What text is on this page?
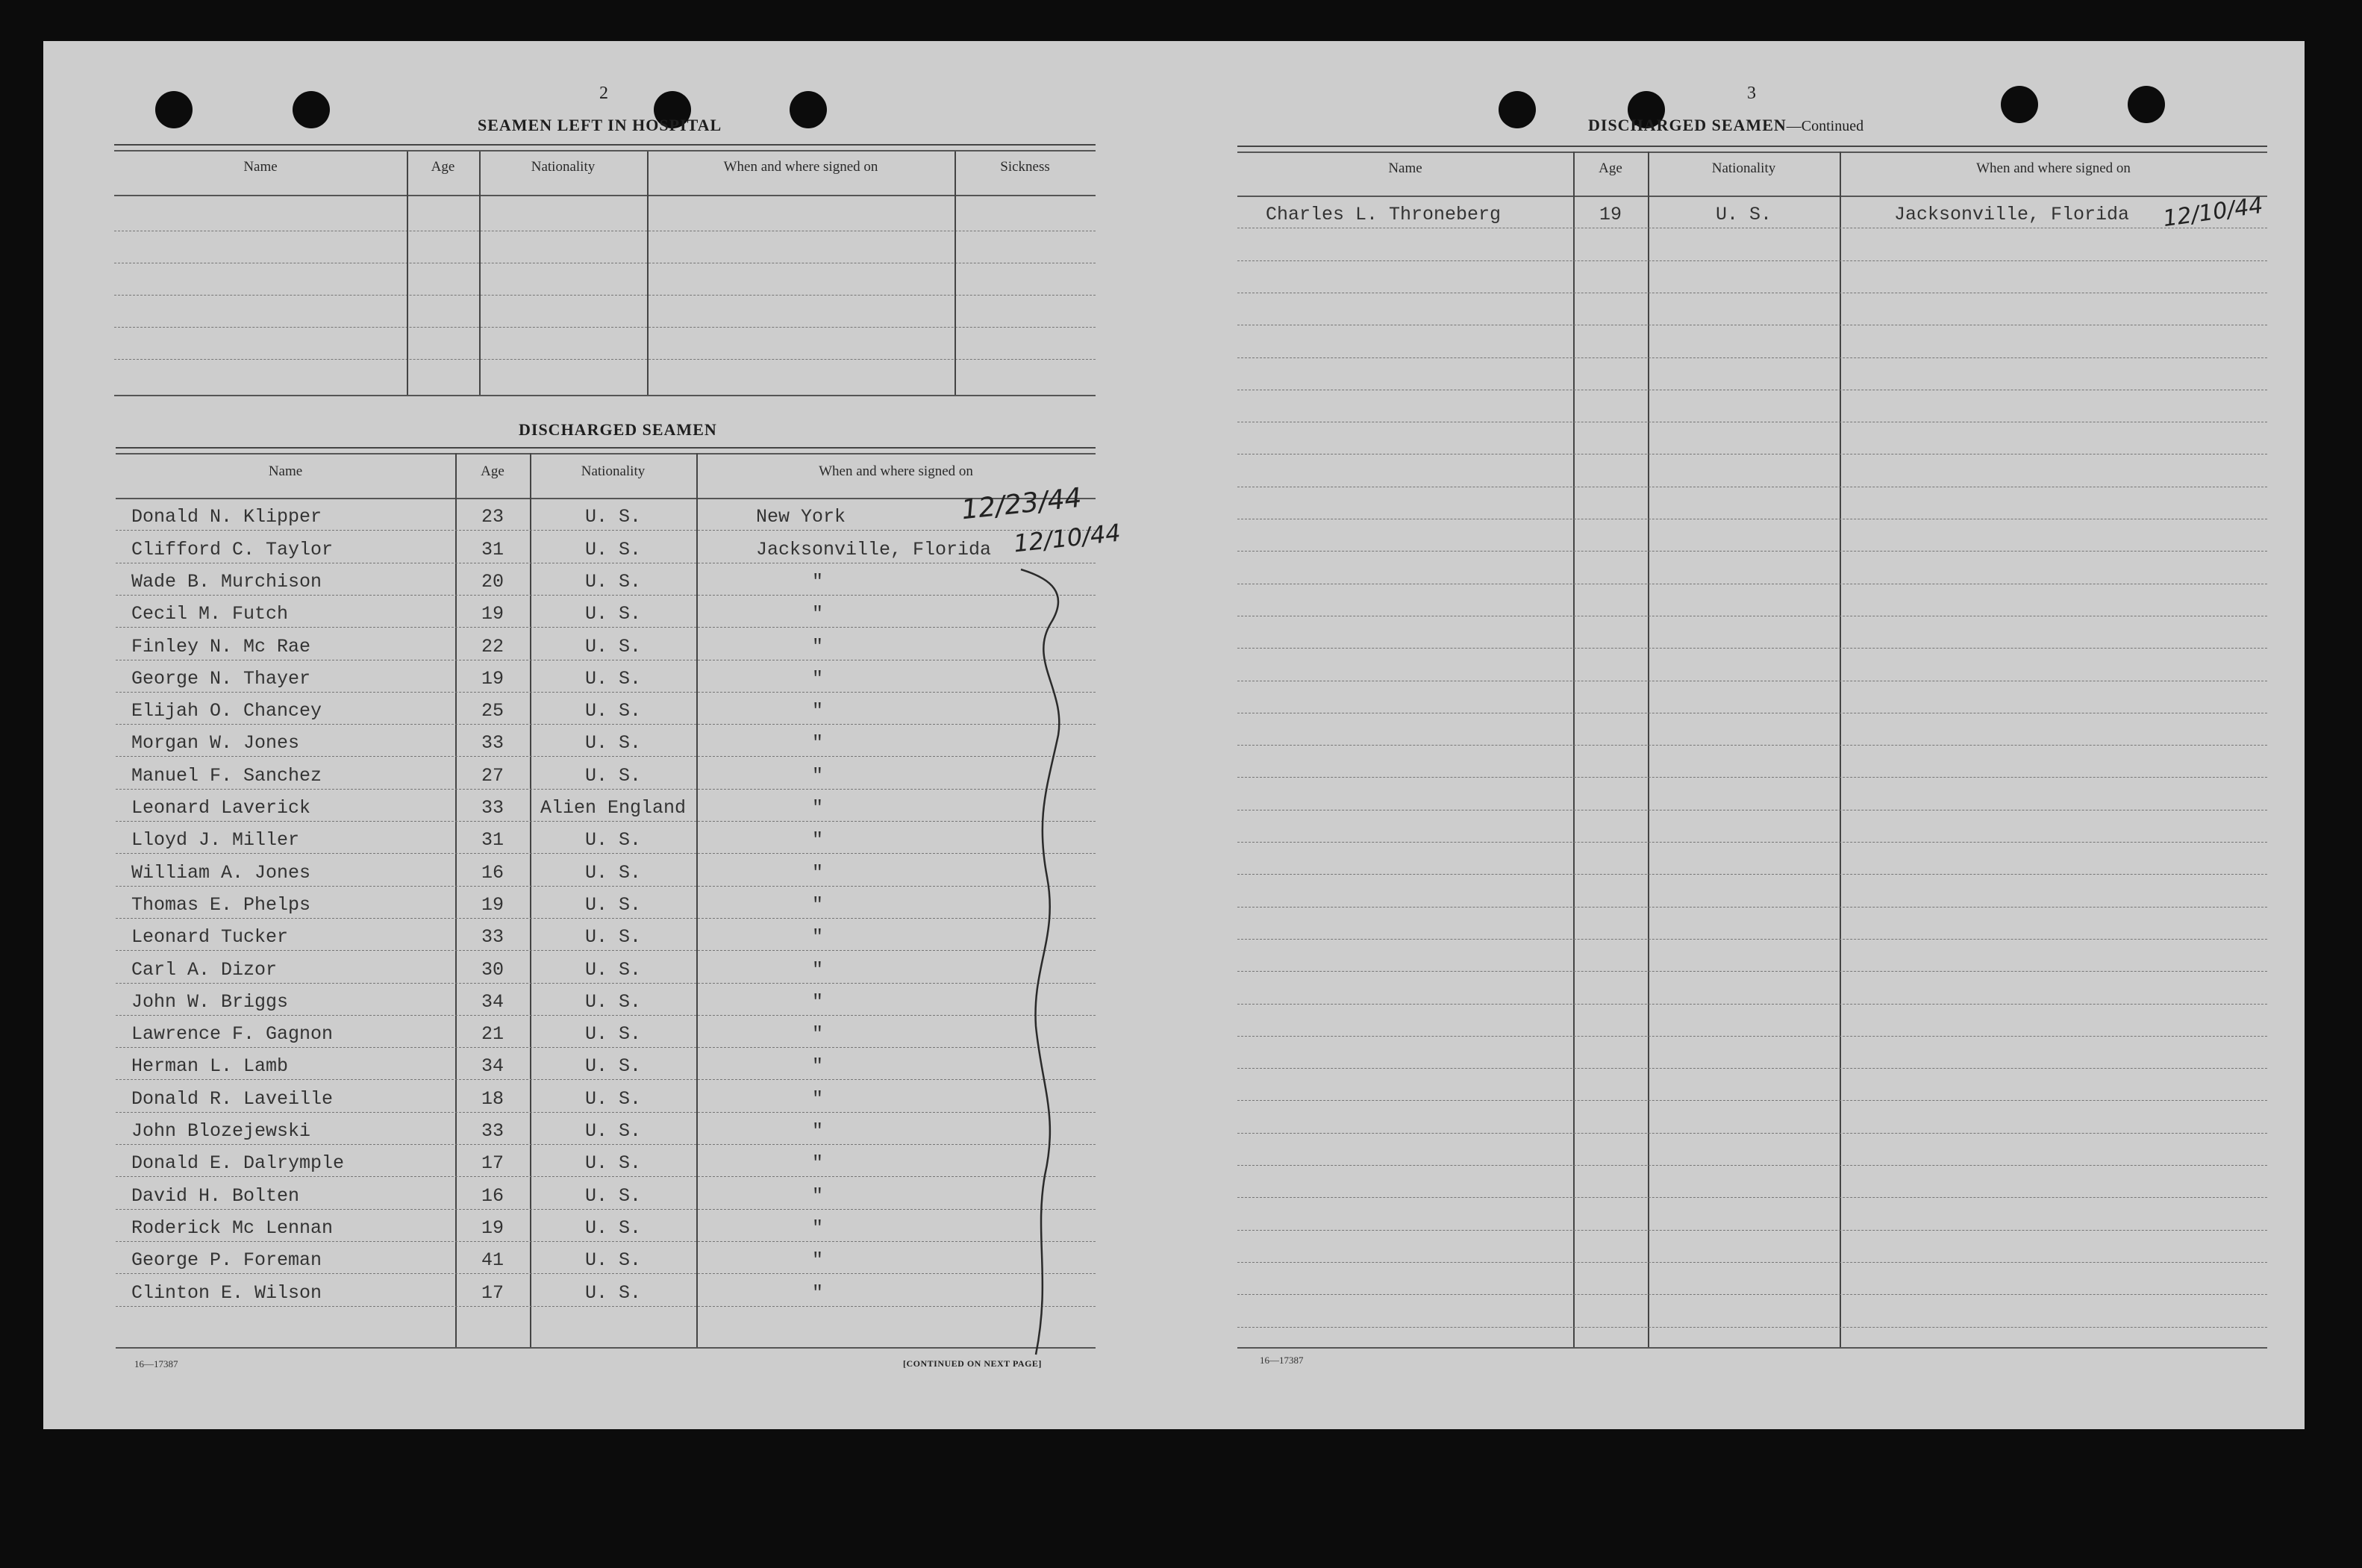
2
SEAMEN LEFT IN HOSPITAL
Name	Age	Nationality	When and where signed on	Sickness
DISCHARGED SEAMEN
Name	Age	Nationality	When and where signed on
Donald N. Klipper	23	U. S.	New York
Clifford C. Taylor	31	U. S.	Jacksonville, Florida
Wade B. Murchison	20	U. S.	"
Cecil M. Futch	19	U. S.	"
Finley N. Mc Rae	22	U. S.	"
George N. Thayer	19	U. S.	"
Elijah O. Chancey	25	U. S.	"
Morgan W. Jones	33	U. S.	"
Manuel F. Sanchez	27	U. S.	"
Leonard Laverick	33	Alien England	"
Lloyd J. Miller	31	U. S.	"
William A. Jones	16	U. S.	"
Thomas E. Phelps	19	U. S.	"
Leonard Tucker	33	U. S.	"
Carl A. Dizor	30	U. S.	"
John W. Briggs	34	U. S.	"
Lawrence F. Gagnon	21	U. S.	"
Herman L. Lamb	34	U. S.	"
Donald R. Laveille	18	U. S.	"
John Blozejewski	33	U. S.	"
Donald E. Dalrymple	17	U. S.	"
David H. Bolten	16	U. S.	"
Roderick Mc Lennan	19	U. S.	"
George P. Foreman	41	U. S.	"
Clinton E. Wilson	17	U. S.	"
12/23/44
12/10/44
16—17387	[CONTINUED ON NEXT PAGE]
3
DISCHARGED SEAMEN—Continued
Name	Age	Nationality	When and where signed on
Charles L. Throneberg	19	U. S.	Jacksonville, Florida 12/10/44
16—17387
